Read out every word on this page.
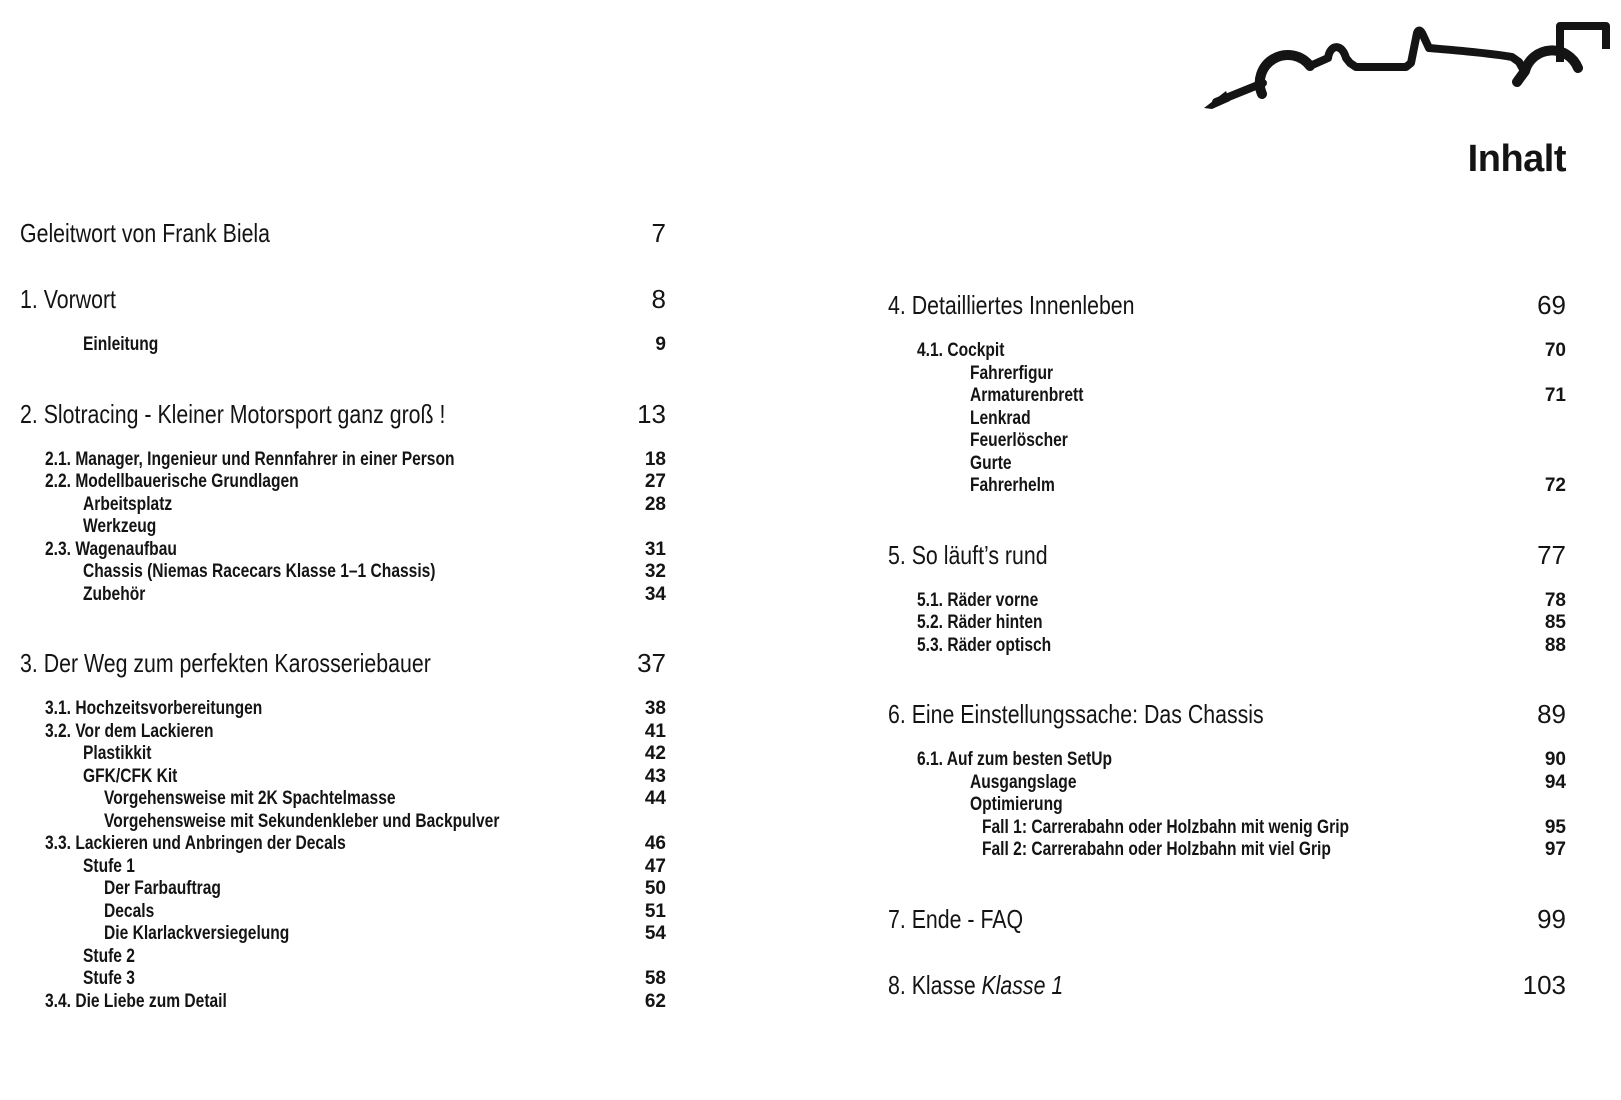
Inhalt
Geleitwort von Frank Biela	7
1. Vorwort	8
Einleitung	9
2. Slotracing - Kleiner Motorsport ganz groß !	13
2.1. Manager, Ingenieur und Rennfahrer in einer Person	18
2.2. Modellbauerische Grundlagen	27
Arbeitsplatz	28
Werkzeug
2.3. Wagenaufbau	31
Chassis (Niemas Racecars Klasse 1–1 Chassis)	32
Zubehör	34
3. Der Weg zum perfekten Karosseriebauer	37
3.1. Hochzeitsvorbereitungen	38
3.2. Vor dem Lackieren	41
Plastikkit	42
GFK/CFK Kit	43
Vorgehensweise mit 2K Spachtelmasse	44
Vorgehensweise mit Sekundenkleber und Backpulver
3.3. Lackieren und Anbringen der Decals	46
Stufe 1	47
Der Farbauftrag	50
Decals	51
Die Klarlackversiegelung	54
Stufe 2
Stufe 3	58
3.4. Die Liebe zum Detail	62
4. Detailliertes Innenleben	69
4.1. Cockpit	70
Fahrerfigur
Armaturenbrett	71
Lenkrad
Feuerlöscher
Gurte
Fahrerhelm	72
5. So läuft’s rund	77
5.1. Räder vorne	78
5.2. Räder hinten	85
5.3. Räder optisch	88
6. Eine Einstellungssache: Das Chassis	89
6.1. Auf zum besten SetUp	90
Ausgangslage	94
Optimierung
Fall 1: Carrerabahn oder Holzbahn mit wenig Grip	95
Fall 2: Carrerabahn oder Holzbahn mit viel Grip	97
7. Ende - FAQ	99
8. Klasse Klasse 1	103
